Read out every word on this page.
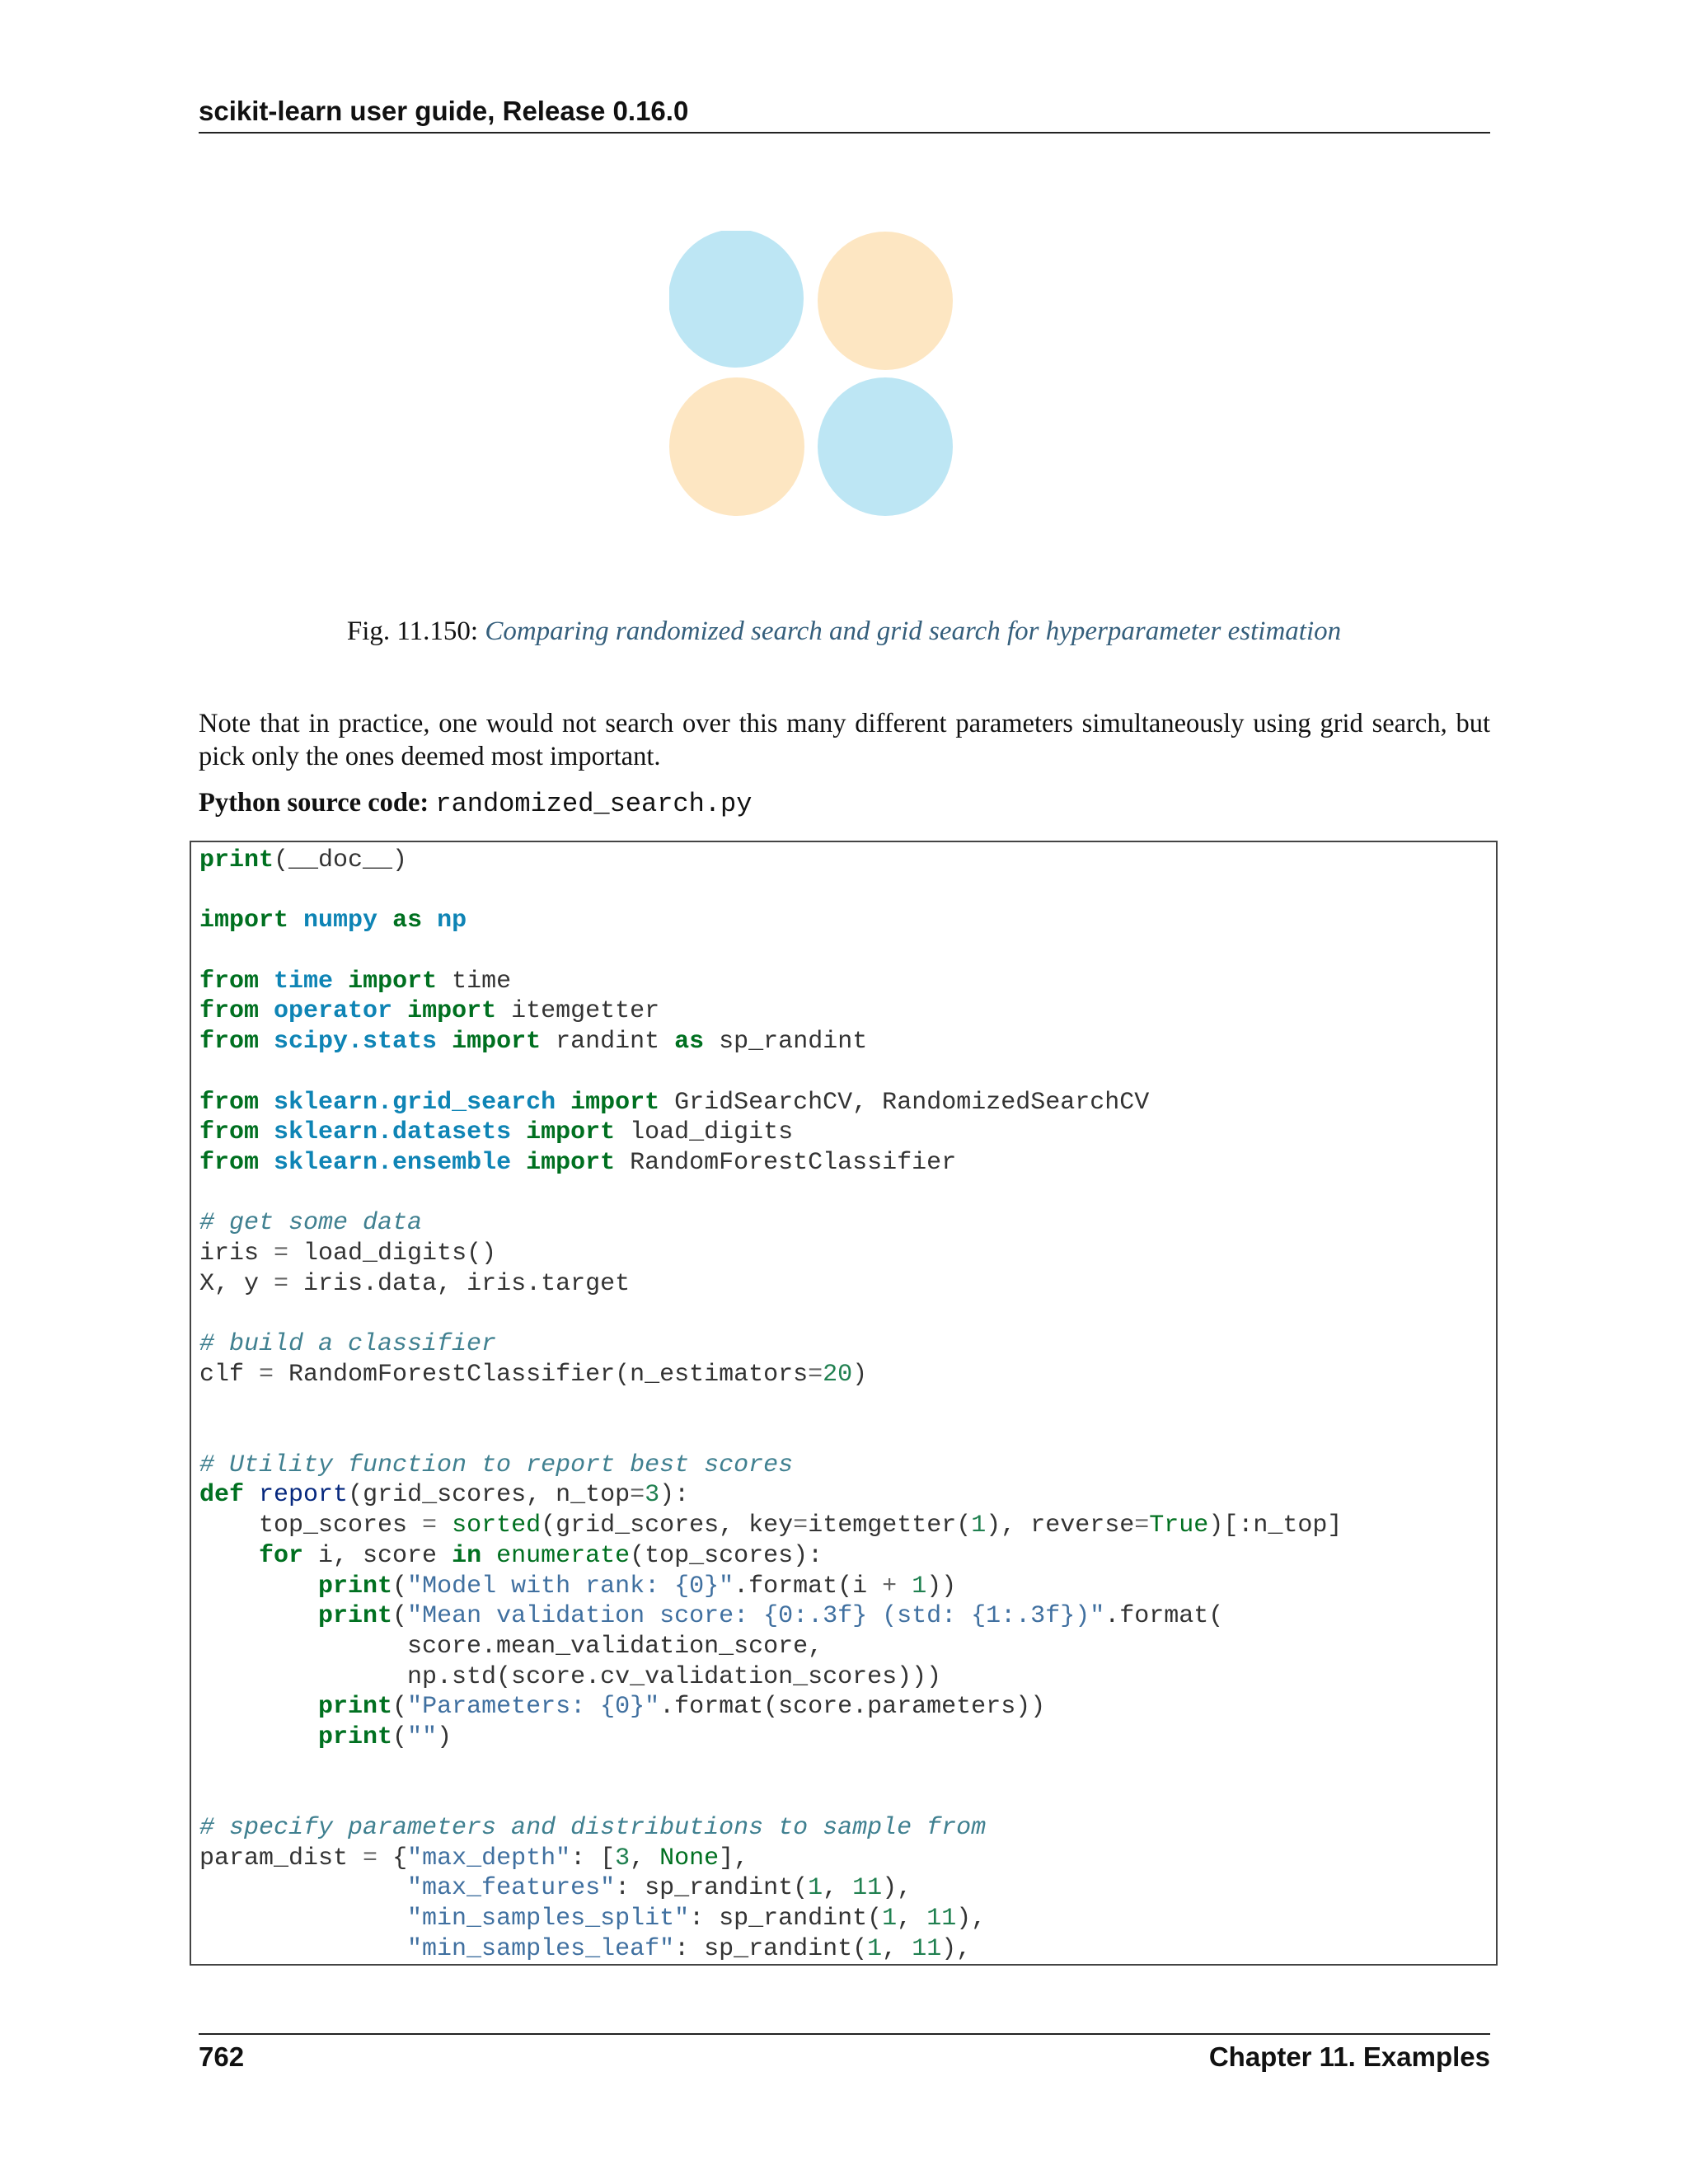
scikit-learn user guide, Release 0.16.0
Fig. 11.150: Comparing randomized search and grid search for hyperparameter estimation
Note that in practice, one would not search over this many different parameters simultaneously using grid search, but pick only the ones deemed most important.
Python source code: randomized_search.py
print(__doc__)

import numpy as np

from time import time
from operator import itemgetter
from scipy.stats import randint as sp_randint

from sklearn.grid_search import GridSearchCV, RandomizedSearchCV
from sklearn.datasets import load_digits
from sklearn.ensemble import RandomForestClassifier

# get some data
iris = load_digits()
X, y = iris.data, iris.target

# build a classifier
clf = RandomForestClassifier(n_estimators=20)

# Utility function to report best scores
def report(grid_scores, n_top=3):
top_scores = sorted(grid_scores, key=itemgetter(1), reverse=True)[:n_top]
for i, score in enumerate(top_scores):
print("Model with rank: {0}".format(i + 1))
print("Mean validation score: {0:.3f} (std: {1:.3f})".format(
score.mean_validation_score,
np.std(score.cv_validation_scores)))
print("Parameters: {0}".format(score.parameters))
print("")

# specify parameters and distributions to sample from
param_dist = {"max_depth": [3, None],
"max_features": sp_randint(1, 11),
"min_samples_split": sp_randint(1, 11),
"min_samples_leaf": sp_randint(1, 11),
762	Chapter 11. Examples
